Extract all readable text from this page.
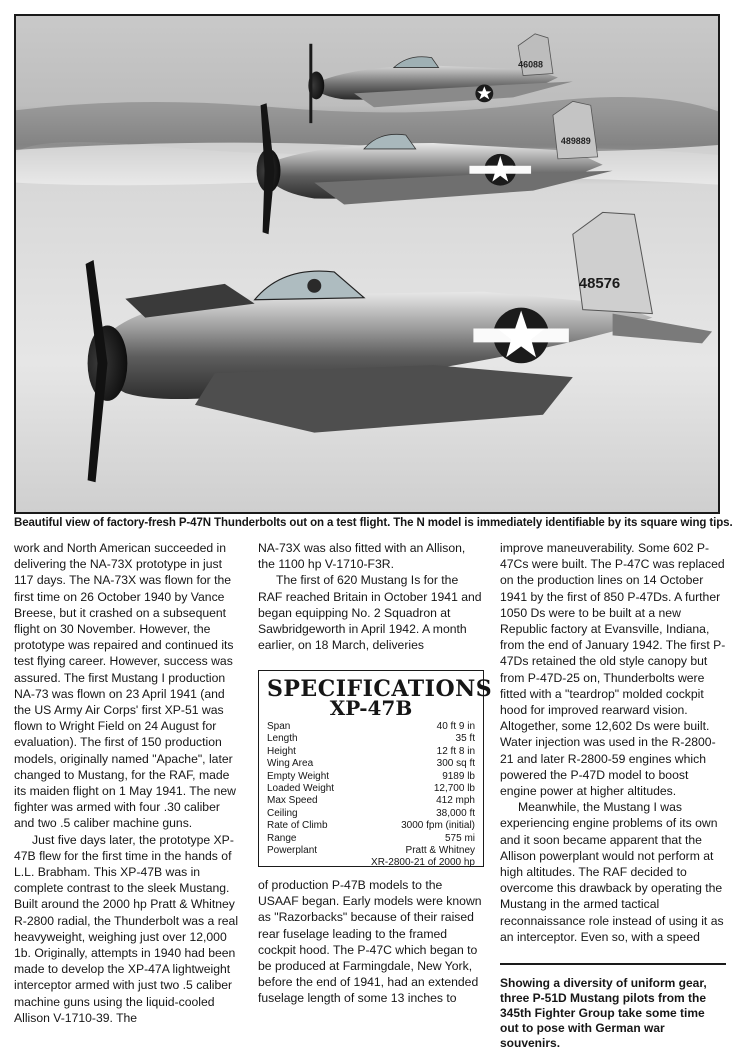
46088
489889
48576
Beautiful view of factory-fresh P-47N Thunderbolts out on a test flight. The N model is immediately identifiable by its square wing tips.

work and North American succeeded in delivering the NA-73X prototype in just 117 days. The NA-73X was flown for the first time on 26 October 1940 by Vance Breese, but it crashed on a subsequent flight on 30 November. However, the prototype was repaired and continued its test flying career. However, success was assured. The first Mustang I production NA-73 was flown on 23 April 1941 (and the US Army Air Corps' first XP-51 was flown to Wright Field on 24 August for evaluation). The first of 150 production models, originally named "Apache", later changed to Mustang, for the RAF, made its maiden flight on 1 May 1941. The new fighter was armed with four .30 caliber and two .5 caliber machine guns.

Just five days later, the prototype XP-47B flew for the first time in the hands of L.L. Brabham. This XP-47B was in complete contrast to the sleek Mustang. Built around the 2000 hp Pratt & Whitney R-2800 radial, the Thunderbolt was a real heavyweight, weighing just over 12,000 1b. Originally, attempts in 1940 had been made to develop the XP-47A lightweight interceptor armed with just two .5 caliber machine guns using the liquid-cooled Allison V-1710-39. The

NA-73X was also fitted with an Allison, the 1100 hp V-1710-F3R.

The first of 620 Mustang Is for the RAF reached Britain in October 1941 and began equipping No. 2 Squadron at Sawbridgeworth in April 1942. A month earlier, on 18 March, deliveries

SPECIFICATIONS
XP-47B
Span	40 ft 9 in
Length	35 ft
Height	12 ft 8 in
Wing Area	300 sq ft
Empty Weight	9189 lb
Loaded Weight	12,700 lb
Max Speed	412 mph
Ceiling	38,000 ft
Rate of Climb	3000 fpm (initial)
Range	575 mi
Powerplant	Pratt & Whitney
	XR-2800-21 of 2000 hp

of production P-47B models to the USAAF began. Early models were known as "Razorbacks" because of their raised rear fuselage leading to the framed cockpit hood. The P-47C which began to be produced at Farmingdale, New York, before the end of 1941, had an extended fuselage length of some 13 inches to

improve maneuverability. Some 602 P-47Cs were built. The P-47C was replaced on the production lines on 14 October 1941 by the first of 850 P-47Ds. A further 1050 Ds were to be built at a new Republic factory at Evansville, Indiana, from the end of January 1942. The first P-47Ds retained the old style canopy but from P-47D-25 on, Thunderbolts were fitted with a "teardrop" molded cockpit hood for improved rearward vision. Altogether, some 12,602 Ds were built. Water injection was used in the R-2800-21 and later R-2800-59 engines which powered the P-47D model to boost engine power at higher altitudes.

Meanwhile, the Mustang I was experiencing engine problems of its own and it soon became apparent that the Allison powerplant would not perform at high altitudes. The RAF decided to overcome this drawback by operating the Mustang in the armed tactical reconnaissance role instead of using it as an interceptor. Even so, with a speed

Showing a diversity of uniform gear, three P-51D Mustang pilots from the 345th Fighter Group take some time out to pose with German war souvenirs.
